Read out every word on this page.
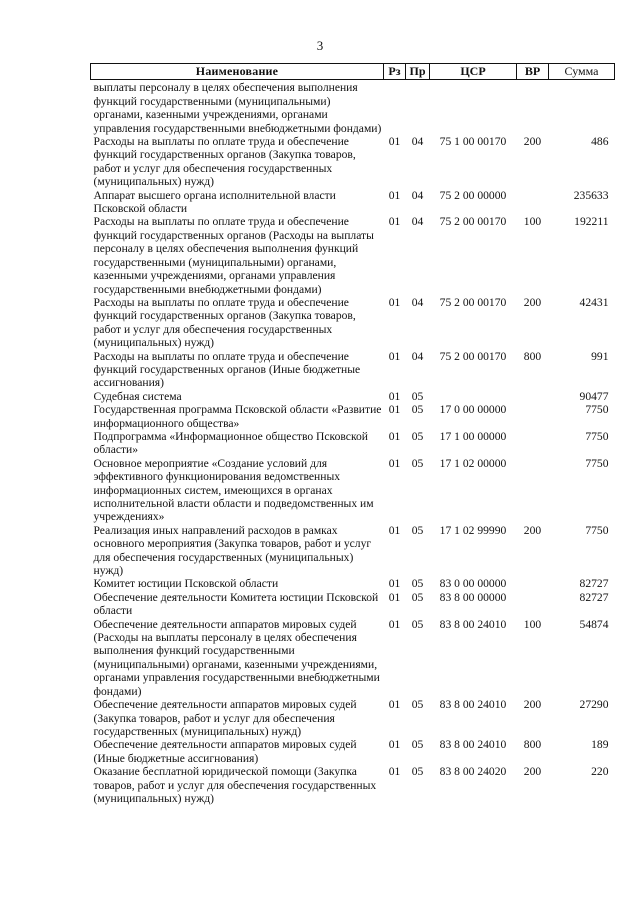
3
Наименование	Рз	Пр	ЦСР	ВР	Сумма
выплаты персоналу в целях обеспечения выполнения функций государственными (муниципальными) органами, казенными учреждениями, органами управления государственными внебюджетными фондами)					
Расходы на выплаты по оплате труда и обеспечение функций государственных органов (Закупка товаров, работ и услуг для обеспечения государственных (муниципальных) нужд)	01	04	75 1 00 00170	200	486
Аппарат высшего органа исполнительной власти Псковской области	01	04	75 2 00 00000		235633
Расходы на выплаты по оплате труда и обеспечение функций государственных органов (Расходы на выплаты персоналу в целях обеспечения выполнения функций государственными (муниципальными) органами, казенными учреждениями, органами управления государственными внебюджетными фондами)	01	04	75 2 00 00170	100	192211
Расходы на выплаты по оплате труда и обеспечение функций государственных органов (Закупка товаров, работ и услуг для обеспечения государственных (муниципальных) нужд)	01	04	75 2 00 00170	200	42431
Расходы на выплаты по оплате труда и обеспечение функций государственных органов (Иные бюджетные ассигнования)	01	04	75 2 00 00170	800	991
Судебная система	01	05			90477
Государственная программа Псковской области «Развитие информационного общества»	01	05	17 0 00 00000		7750
Подпрограмма «Информационное общество Псковской области»	01	05	17 1 00 00000		7750
Основное мероприятие «Создание условий для эффективного функционирования ведомственных информационных систем, имеющихся в органах исполнительной власти области и подведомственных им учреждениях»	01	05	17 1 02 00000		7750
Реализация иных направлений расходов в рамках основного мероприятия (Закупка товаров, работ и услуг для обеспечения государственных (муниципальных) нужд)	01	05	17 1 02 99990	200	7750
Комитет юстиции Псковской области	01	05	83 0 00 00000		82727
Обеспечение деятельности Комитета юстиции Псковской области	01	05	83 8 00 00000		82727
Обеспечение деятельности аппаратов мировых судей (Расходы на выплаты персоналу в целях обеспечения выполнения функций государственными (муниципальными) органами, казенными учреждениями, органами управления государственными внебюджетными фондами)	01	05	83 8 00 24010	100	54874
Обеспечение деятельности аппаратов мировых судей (Закупка товаров, работ и услуг для обеспечения государственных (муниципальных) нужд)	01	05	83 8 00 24010	200	27290
Обеспечение деятельности аппаратов мировых судей (Иные бюджетные ассигнования)	01	05	83 8 00 24010	800	189
Оказание бесплатной юридической помощи (Закупка товаров, работ и услуг для обеспечения государственных (муниципальных) нужд)	01	05	83 8 00 24020	200	220
